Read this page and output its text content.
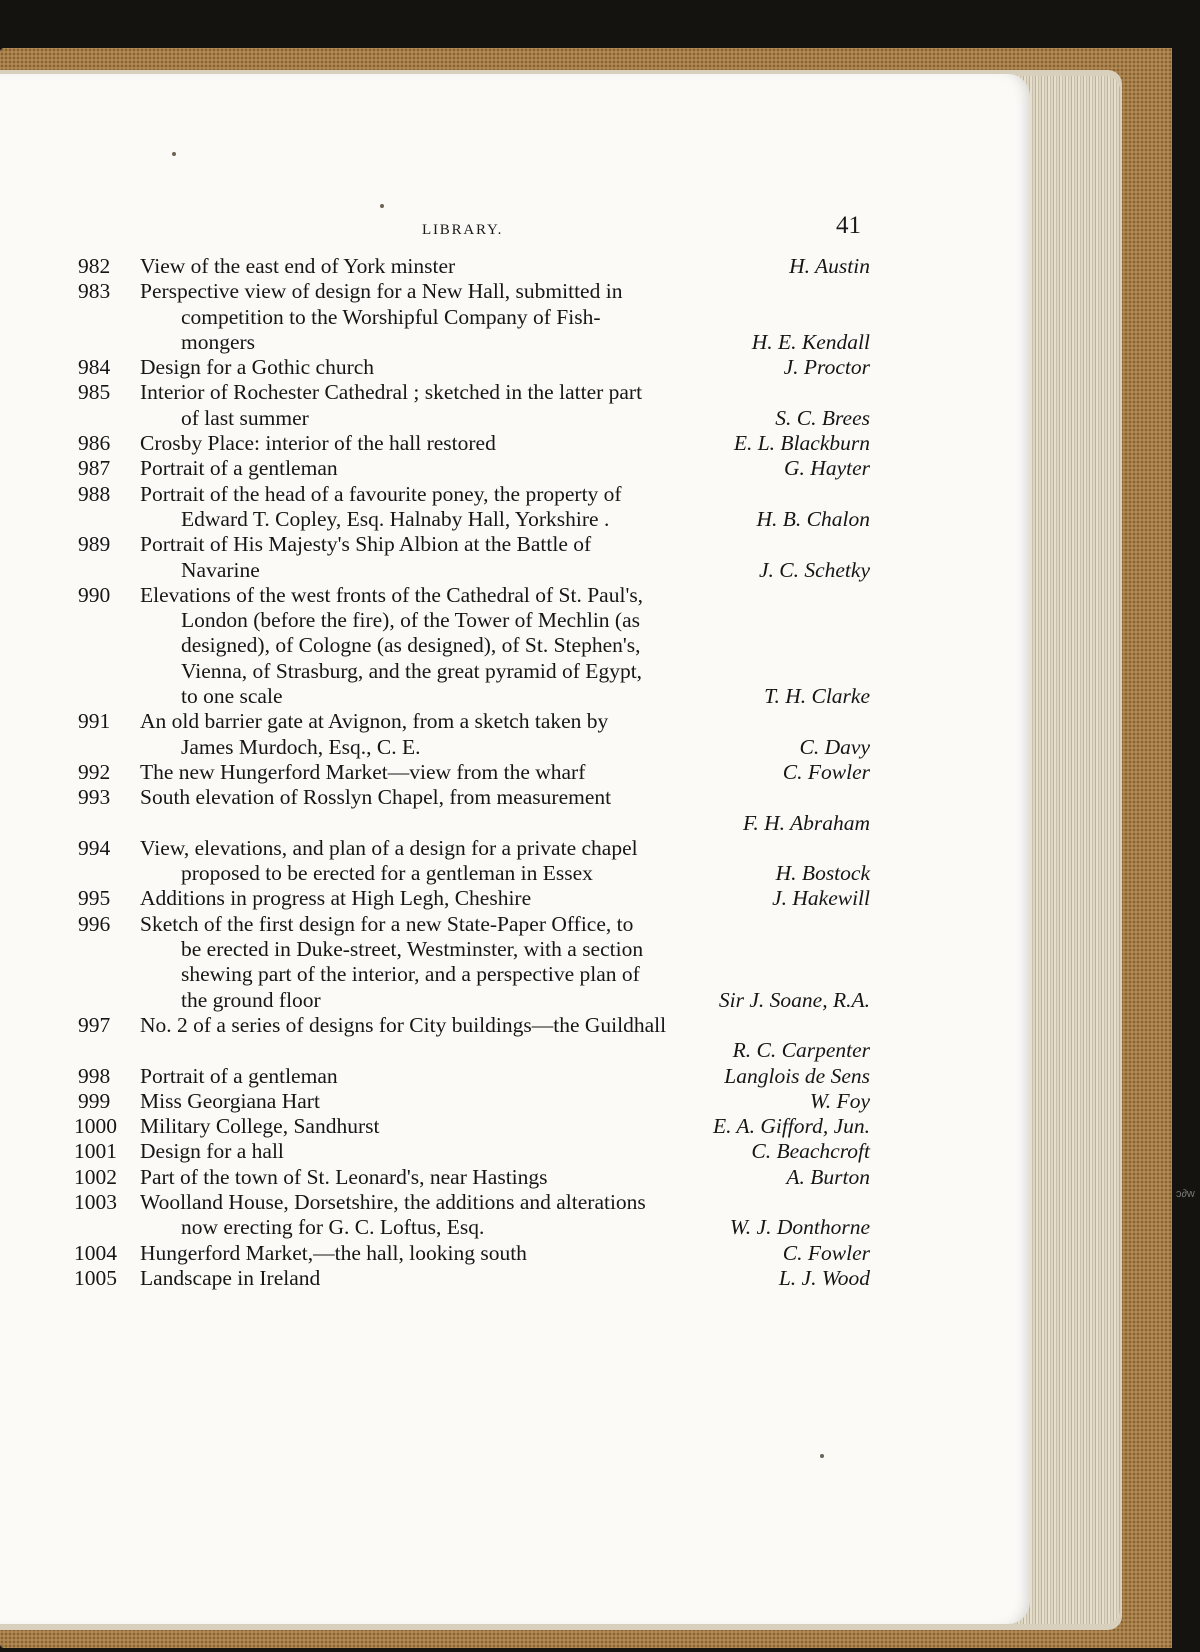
LIBRARY.	41
982	View of the east end of York minster	H. Austin
983	Perspective view of design for a New Hall, submitted in
competition to the Worshipful Company of Fish-
mongers	H. E. Kendall
984	Design for a Gothic church	J. Proctor
985	Interior of Rochester Cathedral ; sketched in the latter part
of last summer	S. C. Brees
986	Crosby Place: interior of the hall restored	E. L. Blackburn
987	Portrait of a gentleman	G. Hayter
988	Portrait of the head of a favourite poney, the property of
Edward T. Copley, Esq. Halnaby Hall, Yorkshire .	H. B. Chalon
989	Portrait of His Majesty's Ship Albion at the Battle of
Navarine	J. C. Schetky
990	Elevations of the west fronts of the Cathedral of St. Paul's,
London (before the fire), of the Tower of Mechlin (as
designed), of Cologne (as designed), of St. Stephen's,
Vienna, of Strasburg, and the great pyramid of Egypt,
to one scale	T. H. Clarke
991	An old barrier gate at Avignon, from a sketch taken by
James Murdoch, Esq., C. E.	C. Davy
992	The new Hungerford Market—view from the wharf	C. Fowler
993	South elevation of Rosslyn Chapel, from measurement
F. H. Abraham
994	View, elevations, and plan of a design for a private chapel
proposed to be erected for a gentleman in Essex	H. Bostock
995	Additions in progress at High Legh, Cheshire	J. Hakewill
996	Sketch of the first design for a new State-Paper Office, to
be erected in Duke-street, Westminster, with a section
shewing part of the interior, and a perspective plan of
the ground floor	Sir J. Soane, R.A.
997	No. 2 of a series of designs for City buildings—the Guildhall
R. C. Carpenter
998	Portrait of a gentleman	Langlois de Sens
999	Miss Georgiana Hart	W. Foy
1000	Military College, Sandhurst	E. A. Gifford, Jun.
1001	Design for a hall	C. Beachcroft
1002	Part of the town of St. Leonard's, near Hastings	A. Burton
1003	Woolland House, Dorsetshire, the additions and alterations
now erecting for G. C. Loftus, Esq.	W. J. Donthorne
1004	Hungerford Market,—the hall, looking south	C. Fowler
1005	Landscape in Ireland	L. J. Wood
ↄ∂w
